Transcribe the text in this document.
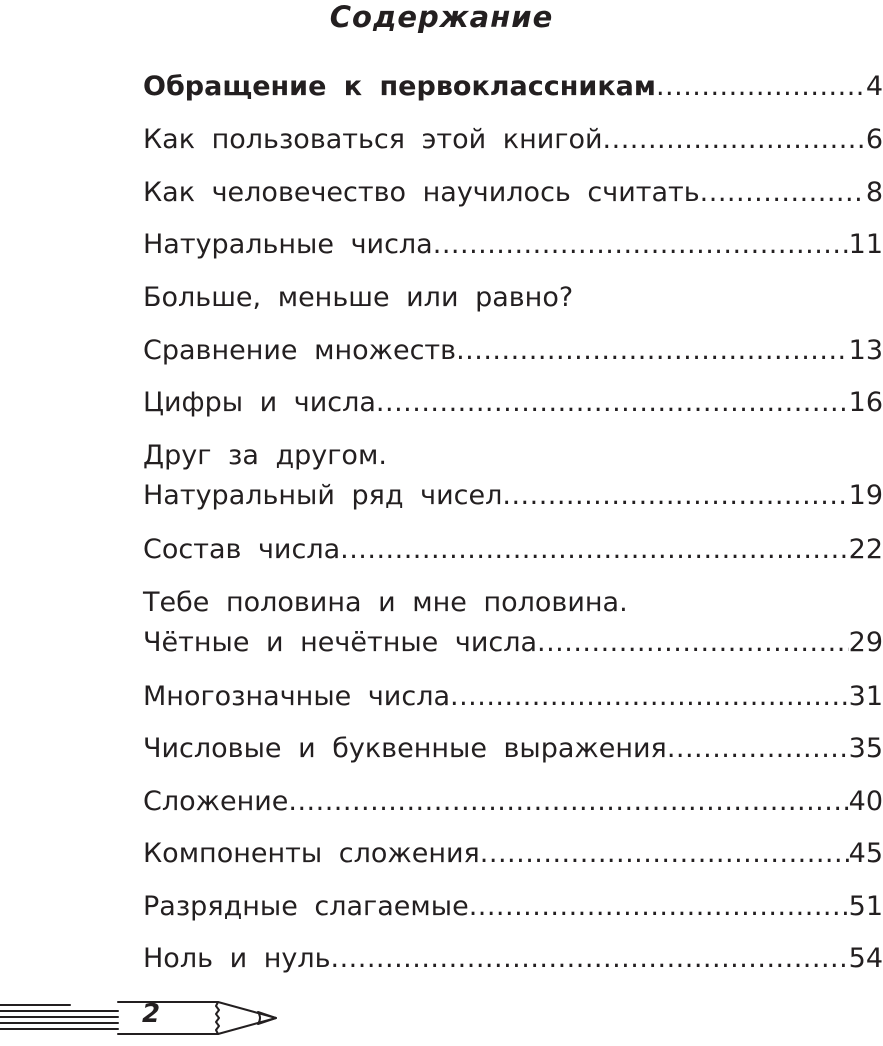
Содержание
Обращение к первоклассникам .....	4
Как пользоваться этой книгой .....	6
Как человечество научилось считать .....	8
Натуральные числа .....	11
Больше, меньше или равно?
Сравнение множеств .....	13
Цифры и числа .....	16
Друг за другом.
Натуральный ряд чисел .....	19
Состав числа .....	22
Тебе половина и мне половина.
Чётные и нечётные числа .....	29
Многозначные числа .....	31
Числовые и буквенные выражения .....	35
Сложение .....	40
Компоненты сложения .....	45
Разрядные слагаемые .....	51
Ноль и нуль .....	54
2
